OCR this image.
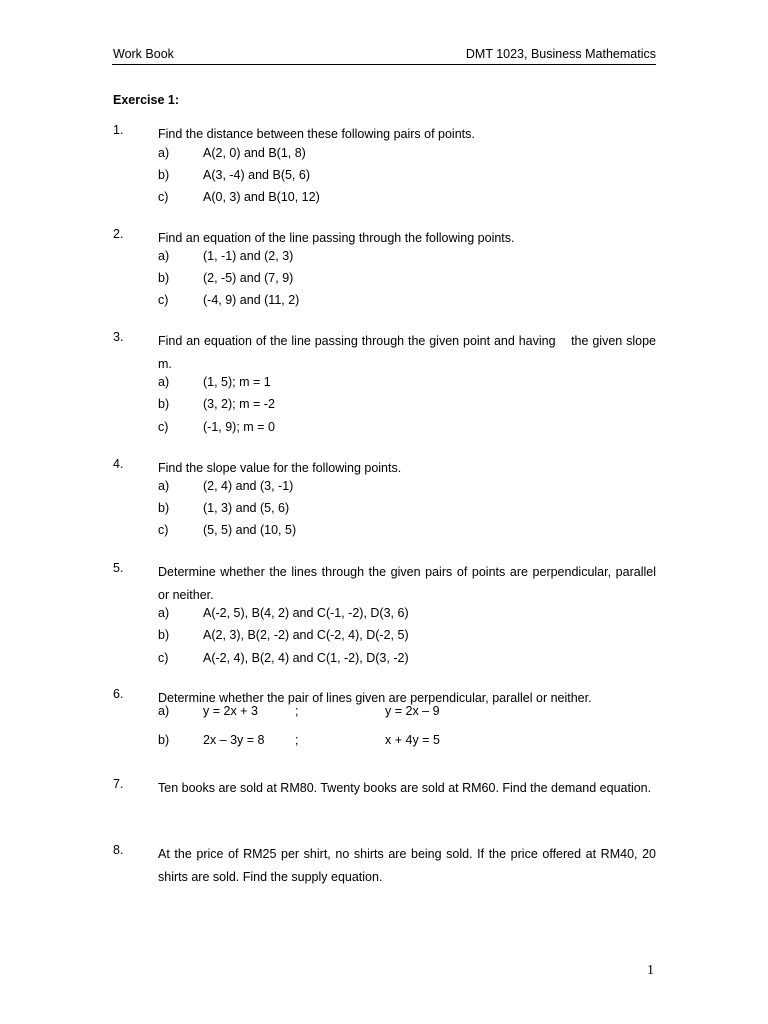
Work Book	DMT 1023, Business Mathematics
Exercise 1:
1.	Find the distance between these following pairs of points.
a)	A(2, 0) and B(1, 8)
b)	A(3, -4) and B(5, 6)
c)	A(0, 3) and B(10, 12)
2.	Find an equation of the line passing through the following points.
a)	(1, -1) and (2, 3)
b)	(2, -5) and (7, 9)
c)	(-4, 9) and (11, 2)
3.	Find an equation of the line passing through the given point and having    the given slope m.
a)	(1, 5); m = 1
b)	(3, 2); m = -2
c)	(-1, 9); m = 0
4.	Find the slope value for the following points.
a)	(2, 4) and (3, -1)
b)	(1, 3) and (5, 6)
c)	(5, 5) and (10, 5)
5.	Determine whether the lines through the given pairs of points are perpendicular, parallel or neither.
a)	A(-2, 5), B(4, 2) and C(-1, -2), D(3, 6)
b)	A(2, 3), B(2, -2) and C(-2, 4), D(-2, 5)
c)	A(-2, 4), B(2, 4) and C(1, -2), D(3, -2)
6.	Determine whether the pair of lines given are perpendicular, parallel or neither.
a)	y = 2x + 3	;	y = 2x – 9
b)	2x – 3y = 8 ;	x + 4y = 5
7.	Ten books are sold at RM80. Twenty books are sold at RM60. Find the demand equation.
8.	At the price of RM25 per shirt, no shirts are being sold. If the price offered at RM40, 20 shirts are sold. Find the supply equation.
1
